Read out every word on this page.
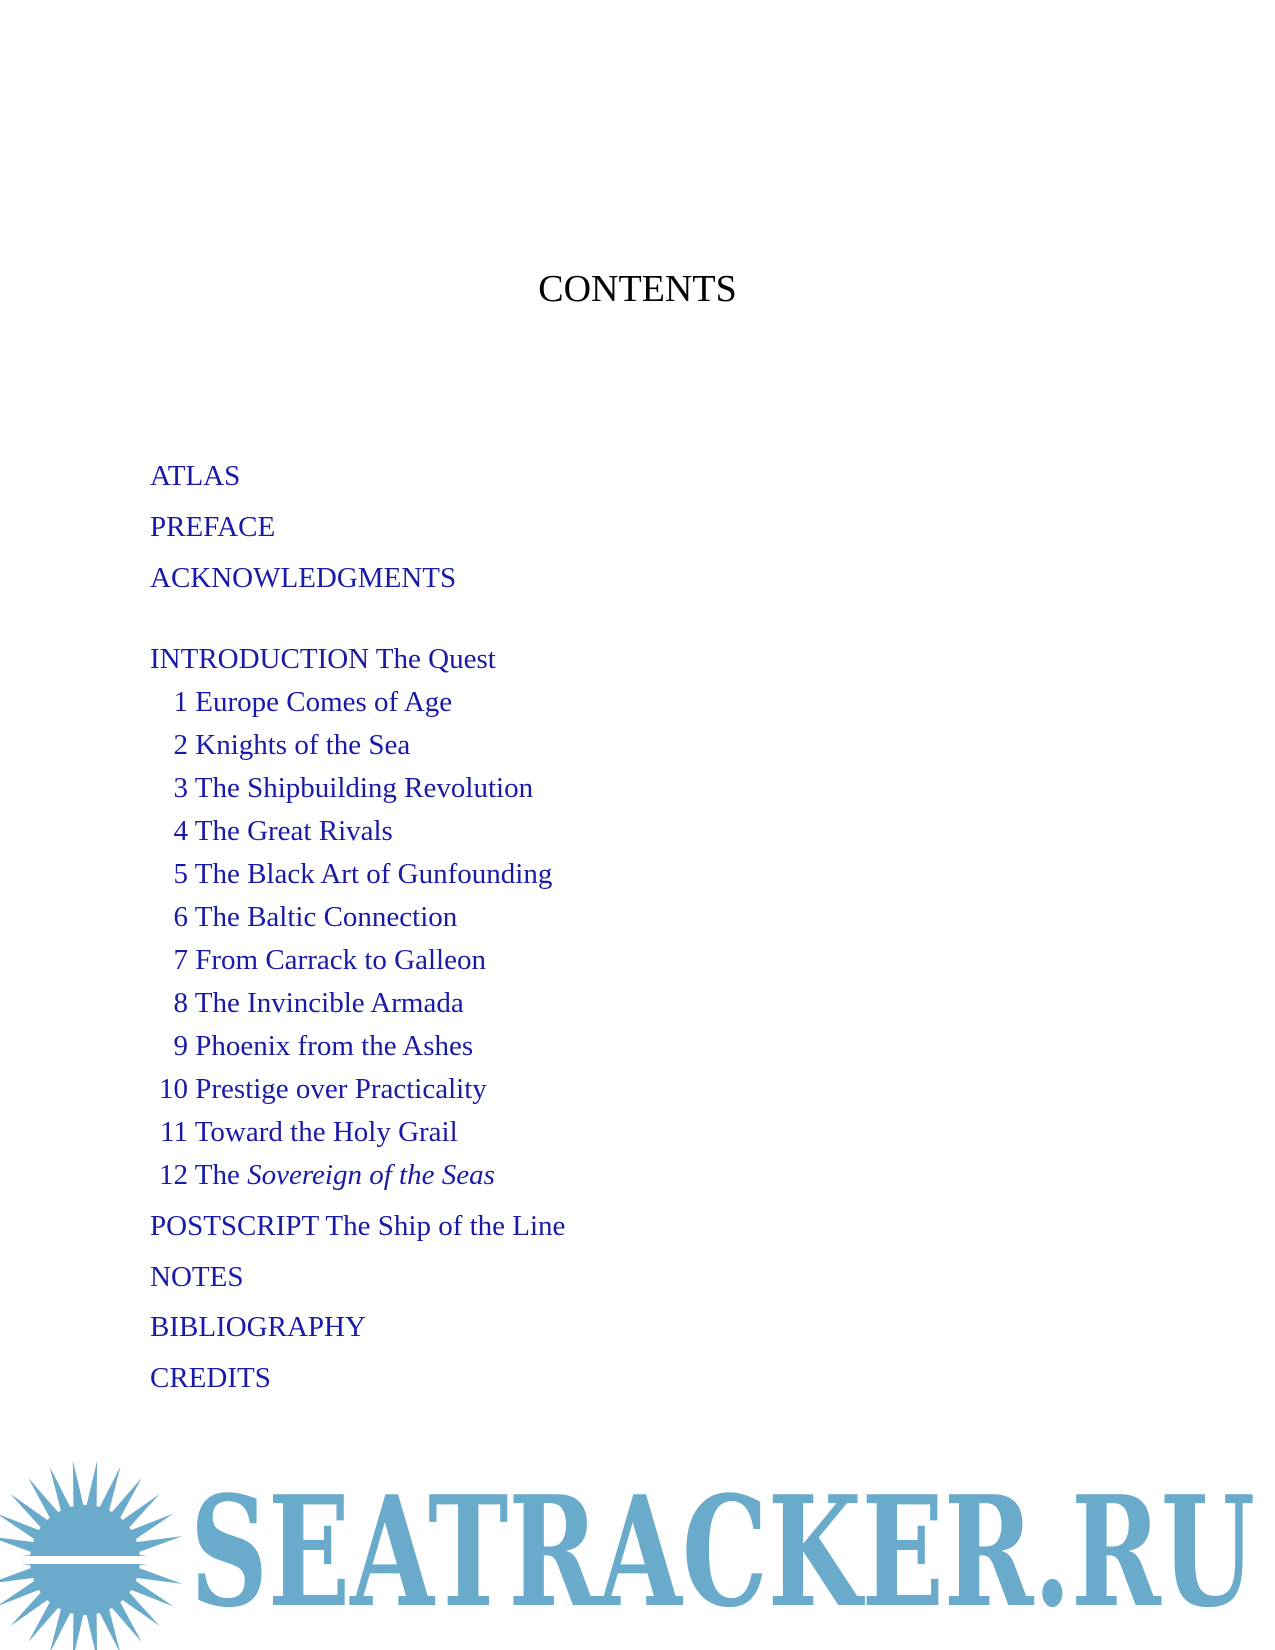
CONTENTS
ATLAS
PREFACE
ACKNOWLEDGMENTS
INTRODUCTION The Quest
1 Europe Comes of Age
2 Knights of the Sea
3 The Shipbuilding Revolution
4 The Great Rivals
5 The Black Art of Gunfounding
6 The Baltic Connection
7 From Carrack to Galleon
8 The Invincible Armada
9 Phoenix from the Ashes
10 Prestige over Practicality
11 Toward the Holy Grail
12 The Sovereign of the Seas
POSTSCRIPT The Ship of the Line
NOTES
BIBLIOGRAPHY
CREDITS
SEATRACKER.RU
